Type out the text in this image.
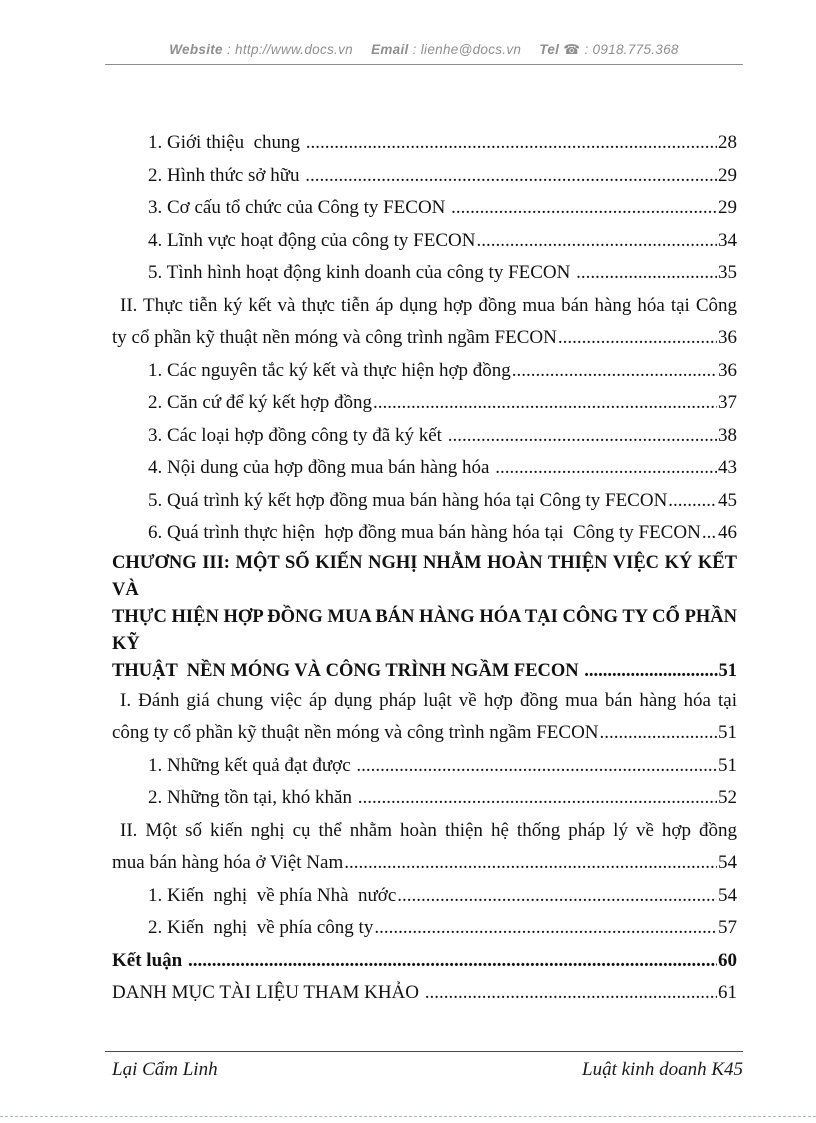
Website : http://www.docs.vn Email : lienhe@docs.vn Tel ☎ : 0918.775.368
1. Giới thiệu  chung .....	28
2. Hình thức sở hữu .....	29
3. Cơ cấu tổ chức của Công ty FECON .....	29
4. Lĩnh vực hoạt động của công ty FECON .....	34
5. Tình hình hoạt động kinh doanh của công ty FECON .....	35
II. Thực tiễn ký kết và thực tiễn áp dụng hợp đồng mua bán hàng hóa tại Công
ty cổ phần kỹ thuật nền móng và công trình ngầm FECON .....	36
1. Các nguyên tắc ký kết và thực hiện hợp đồng .....	36
2. Căn cứ để ký kết hợp đồng .....	37
3. Các loại hợp đồng công ty đã ký kết .....	38
4. Nội dung của hợp đồng mua bán hàng hóa .....	43
5. Quá trình ký kết hợp đồng mua bán hàng hóa tại Công ty FECON .....	45
6. Quá trình thực hiện  hợp đồng mua bán hàng hóa tại  Công ty FECON ..... 46
CHƯƠNG III: MỘT SỐ KIẾN NGHỊ NHẰM HOÀN THIỆN VIỆC KÝ KẾT VÀ
THỰC HIỆN HỢP ĐỒNG MUA BÁN HÀNG HÓA TẠI CÔNG TY CỔ PHẦN KỸ
THUẬT  NỀN MÓNG VÀ CÔNG TRÌNH NGẦM FECON .....	51
I. Đánh giá chung việc áp dụng pháp luật về hợp đồng mua bán hàng hóa tại
công ty cổ phần kỹ thuật nền móng và công trình ngầm FECON .....	51
1. Những kết quả đạt được .....	51
2. Những tồn tại, khó khăn .....	52
II. Một số kiến nghị cụ thể nhằm hoàn thiện hệ thống pháp lý về hợp đồng
mua bán hàng hóa ở Việt Nam .....	54
1. Kiến  nghị  về phía Nhà  nước .....	54
2. Kiến  nghị  về phía công ty .....	57
Kết luận .....	60
DANH MỤC TÀI LIỆU THAM KHẢO .....	61
Lại Cẩm Linh	Luật kinh doanh K45
